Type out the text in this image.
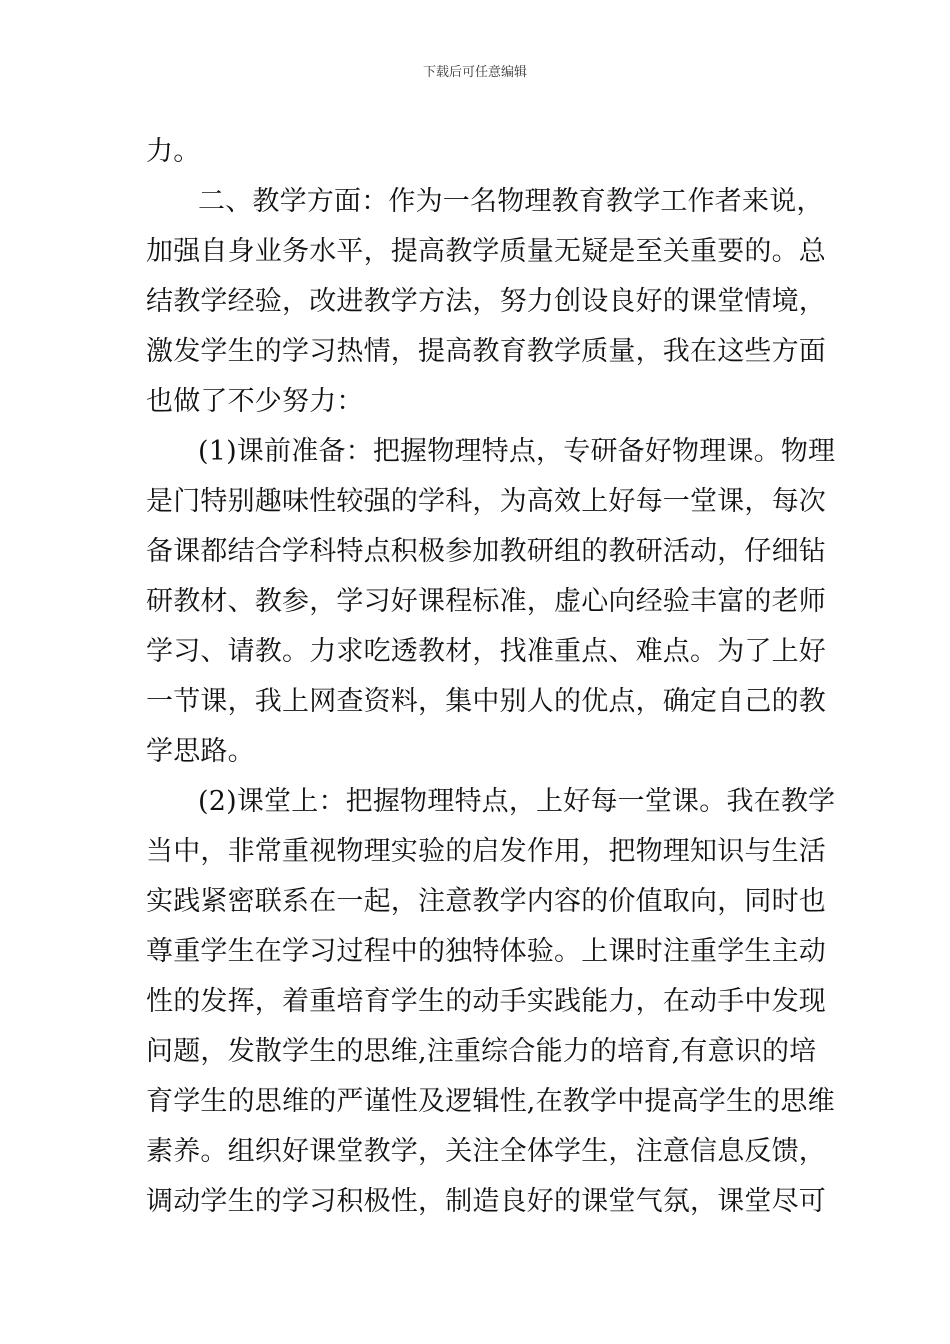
下载后可任意编辑
力。
二、教学方面：作为一名物理教育教学工作者来说，
加强自身业务水平，提高教学质量无疑是至关重要的。总
结教学经验，改进教学方法，努力创设良好的课堂情境，
激发学生的学习热情，提高教育教学质量，我在这些方面
也做了不少努力：
(1)课前准备：把握物理特点，专研备好物理课。物理
是门特别趣味性较强的学科，为高效上好每一堂课，每次
备课都结合学科特点积极参加教研组的教研活动，仔细钻
研教材、教参，学习好课程标准，虚心向经验丰富的老师
学习、请教。力求吃透教材，找准重点、难点。为了上好
一节课，我上网查资料，集中别人的优点，确定自己的教
学思路。
(2)课堂上：把握物理特点，上好每一堂课。我在教学
当中，非常重视物理实验的启发作用，把物理知识与生活
实践紧密联系在一起，注意教学内容的价值取向，同时也
尊重学生在学习过程中的独特体验。上课时注重学生主动
性的发挥，着重培育学生的动手实践能力，在动手中发现
问题，发散学生的思维,注重综合能力的培育,有意识的培
育学生的思维的严谨性及逻辑性,在教学中提高学生的思维
素养。组织好课堂教学，关注全体学生，注意信息反馈，
调动学生的学习积极性，制造良好的课堂气氛，课堂尽可
